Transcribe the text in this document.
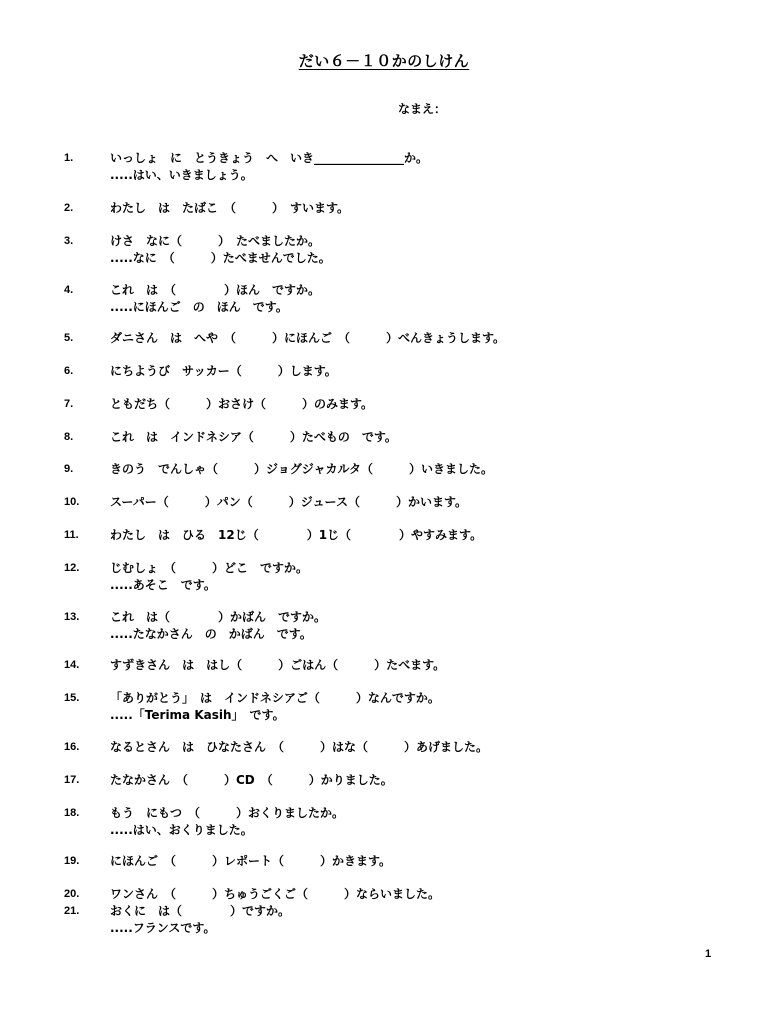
だい６－１０かのしけん
なまえ：
1.	いっしょ　に　とうきょう　へ　いき_______________か。
.....はい、いきましょう。
2.	わたし　は　たばこ　（　　　）　すいます。
3.	けさ　なに（　　　）　たべましたか。
.....なに　（　　　）たべませんでした。
4.	これ　は　（　　　　）ほん　ですか。
.....にほんご　の　ほん　です。
5.	ダニさん　は　へや　（　　　）にほんご　（　　　）べんきょうします。
6.	にちようび　サッカー（　　　）します。
7.	ともだち（　　　）おさけ（　　　）のみます。
8.	これ　は　インドネシア（　　　）たべもの　です。
9.	きのう　でんしゃ（　　　）ジョグジャカルタ（　　　）いきました。
10.	スーパー（　　　）パン（　　　）ジュース（　　　）かいます。
11.	わたし　は　ひる　12じ（　　　　）1じ（　　　　）やすみます。
12.	じむしょ　（　　　）どこ　ですか。
.....あそこ　です。
13.	これ　は（　　　　）かばん　ですか。
.....たなかさん　の　かばん　です。
14.	すずきさん　は　はし（　　　）ごはん（　　　）たべます。
15.	「ありがとう」　は　インドネシアご（　　　）なんですか。
.....「Terima Kasih」　です。
16.	なるとさん　は　ひなたさん　（　　　）はな（　　　）あげました。
17.	たなかさん　（　　　）CD　（　　　）かりました。
18.	もう　にもつ　（　　　）おくりましたか。
.....はい、おくりました。
19.	にほんご　（　　　）レポート（　　　）かきます。
20.	ワンさん　（　　　）ちゅうごくご（　　　）ならいました。
21.	おくに　は（　　　　）ですか。
.....フランスです。
1
